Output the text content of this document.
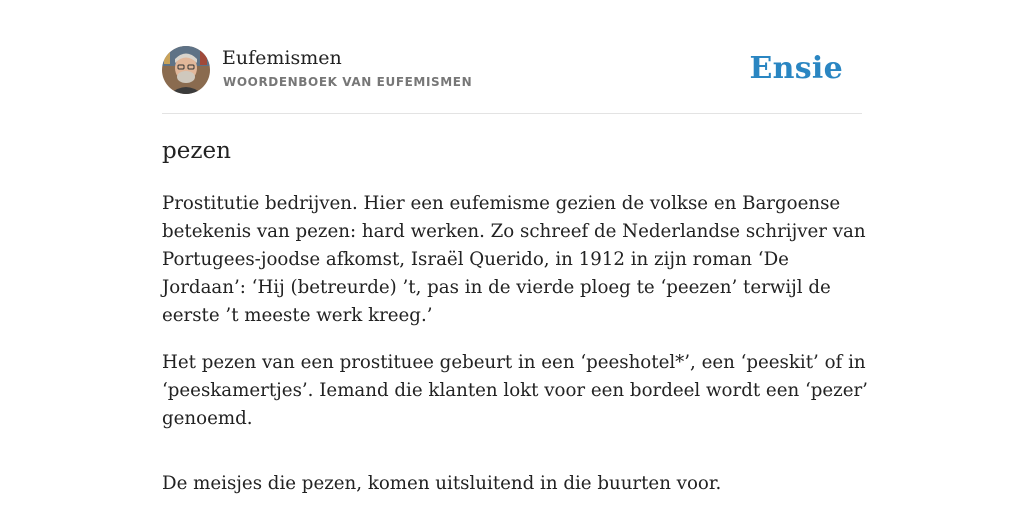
Eufemismen
WOORDENBOEK VAN EUFEMISMEN	Ensie
pezen

Prostitutie bedrijven. Hier een eufemisme gezien de volkse en Bargoense betekenis van pezen: hard werken. Zo schreef de Nederlandse schrijver van Portugees-joodse afkomst, Israël Querido, in 1912 in zijn roman ‘De Jordaan’: ‘Hij (betreurde) ’t, pas in de vierde ploeg te ‘peezen’ terwijl de eerste ’t meeste werk kreeg.’

Het pezen van een prostituee gebeurt in een ‘peeshotel*’, een ‘peeskit’ of in ‘peeskamertjes’. Iemand die klanten lokt voor een bordeel wordt een ‘pezer’ genoemd.

De meisjes die pezen, komen uitsluitend in die buurten voor.
